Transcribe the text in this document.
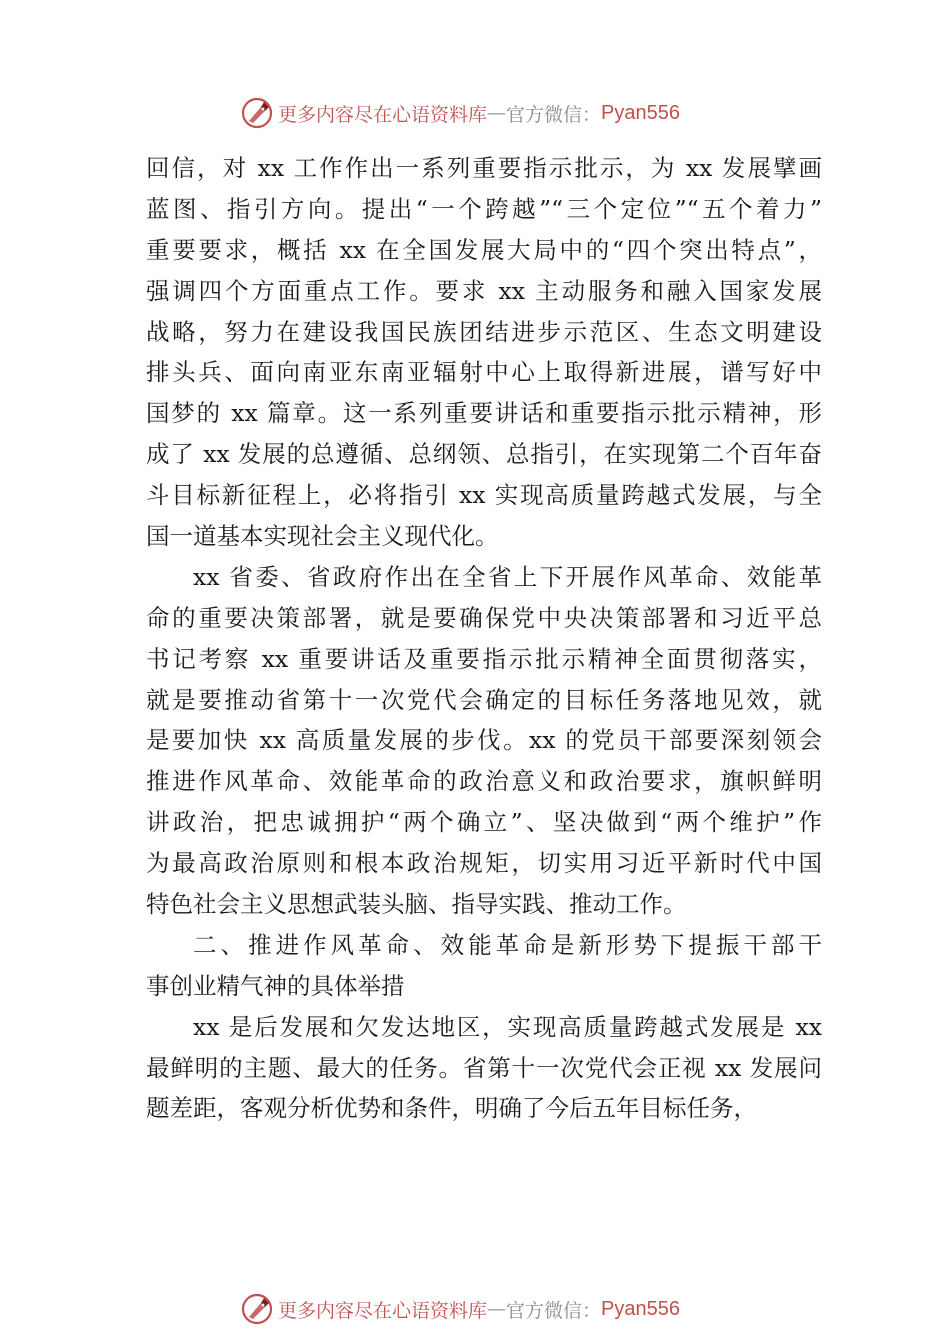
更多内容尽在心语资料库 — 官方微信： Pyan556
回信，对 xx 工作作出一系列重要指示批示，为 xx 发展擘画
蓝图、指引方向。提出“一个跨越”“三个定位”“五个着力”
重要要求，概括 xx 在全国发展大局中的“四个突出特点”，
强调四个方面重点工作。要求 xx 主动服务和融入国家发展
战略，努力在建设我国民族团结进步示范区、生态文明建设
排头兵、面向南亚东南亚辐射中心上取得新进展，谱写好中
国梦的 xx 篇章。这一系列重要讲话和重要指示批示精神，形
成了 xx 发展的总遵循、总纲领、总指引，在实现第二个百年奋
斗目标新征程上，必将指引 xx 实现高质量跨越式发展，与全
国一道基本实现社会主义现代化。
xx 省委、省政府作出在全省上下开展作风革命、效能革
命的重要决策部署，就是要确保党中央决策部署和习近平总
书记考察 xx 重要讲话及重要指示批示精神全面贯彻落实，
就是要推动省第十一次党代会确定的目标任务落地见效，就
是要加快 xx 高质量发展的步伐。xx 的党员干部要深刻领会
推进作风革命、效能革命的政治意义和政治要求，旗帜鲜明
讲政治，把忠诚拥护“两个确立”、坚决做到“两个维护”作
为最高政治原则和根本政治规矩，切实用习近平新时代中国
特色社会主义思想武装头脑、指导实践、推动工作。
二、推进作风革命、效能革命是新形势下提振干部干
事创业精气神的具体举措
xx 是后发展和欠发达地区，实现高质量跨越式发展是 xx
最鲜明的主题、最大的任务。省第十一次党代会正视 xx 发展问
题差距，客观分析优势和条件，明确了今后五年目标任务，
更多内容尽在心语资料库 — 官方微信： Pyan556
